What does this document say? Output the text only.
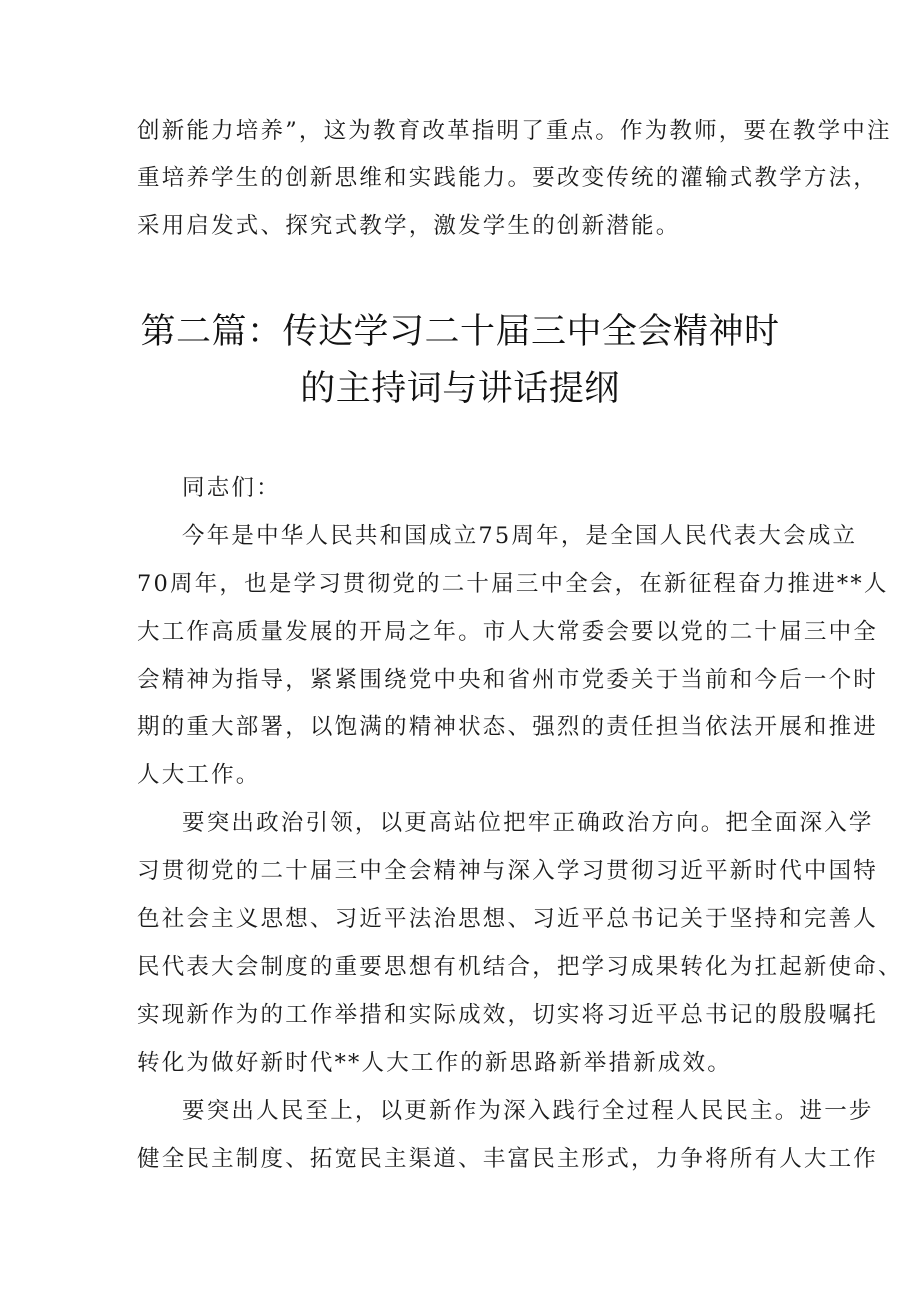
创新能力培养”，这为教育改革指明了重点。作为教师，要在教学中注
重培养学生的创新思维和实践能力。要改变传统的灌输式教学方法，
采用启发式、探究式教学，激发学生的创新潜能。
第二篇：传达学习二十届三中全会精神时
的主持词与讲话提纲
同志们：
今年是中华人民共和国成立75周年，是全国人民代表大会成立
70周年，也是学习贯彻党的二十届三中全会，在新征程奋力推进**人
大工作高质量发展的开局之年。市人大常委会要以党的二十届三中全
会精神为指导，紧紧围绕党中央和省州市党委关于当前和今后一个时
期的重大部署，以饱满的精神状态、强烈的责任担当依法开展和推进
人大工作。
要突出政治引领，以更高站位把牢正确政治方向。把全面深入学
习贯彻党的二十届三中全会精神与深入学习贯彻习近平新时代中国特
色社会主义思想、习近平法治思想、习近平总书记关于坚持和完善人
民代表大会制度的重要思想有机结合，把学习成果转化为扛起新使命、
实现新作为的工作举措和实际成效，切实将习近平总书记的殷殷嘱托
转化为做好新时代**人大工作的新思路新举措新成效。
要突出人民至上，以更新作为深入践行全过程人民民主。进一步
健全民主制度、拓宽民主渠道、丰富民主形式，力争将所有人大工作
